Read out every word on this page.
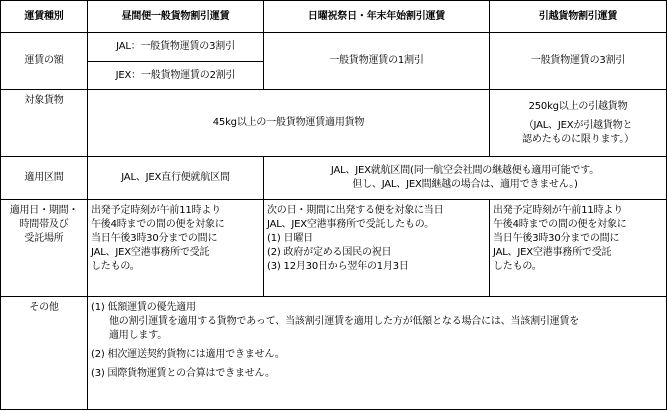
運賃種別	昼間便一般貨物割引運賃	日曜祝祭日・年末年始割引運賃	引越貨物割引運賃
運賃の額	JAL：一般貨物運賃の3割引	一般貨物運賃の1割引	一般貨物運賃の3割引
	JEX：一般貨物運賃の2割引		
対象貨物	45kg以上の一般貨物運賃適用貨物		250kg以上の引越貨物
（JAL、JEXが引越貨物と
認めたものに限ります。）

適用区間	JAL、JEX直行便就航区間	JAL、JEX就航区間(同一航空会社間の継越便も適用可能です。
但し、JAL、JEX間継越の場合は、適用できません。)	

適用日・期間・
時間帯及び
受託場所	出発予定時刻が午前11時より
午後4時までの間の便を対象に
当日午後3時30分までの間に
JAL、JEX空港事務所で受託
したもの。	次の日・期間に出発する便を対象に当日
JAL、JEX空港事務所で受託したもの。
(1) 日曜日
(2) 政府が定める国民の祝日
(3) 12月30日から翌年の1月3日	出発予定時刻が午前11時より
午後4時までの間の便を対象に
当日午後3時30分までの間に
JAL、JEX空港事務所で受託
したもの。

その他	(1) 低額運賃の優先適用
他の割引運賃を適用する貨物であって、当該割引運賃を適用した方が低額となる場合には、当該割引運賃を
適用します。
(2) 相次運送契約貨物には適用できません。
(3) 国際貨物運賃との合算はできません。		
